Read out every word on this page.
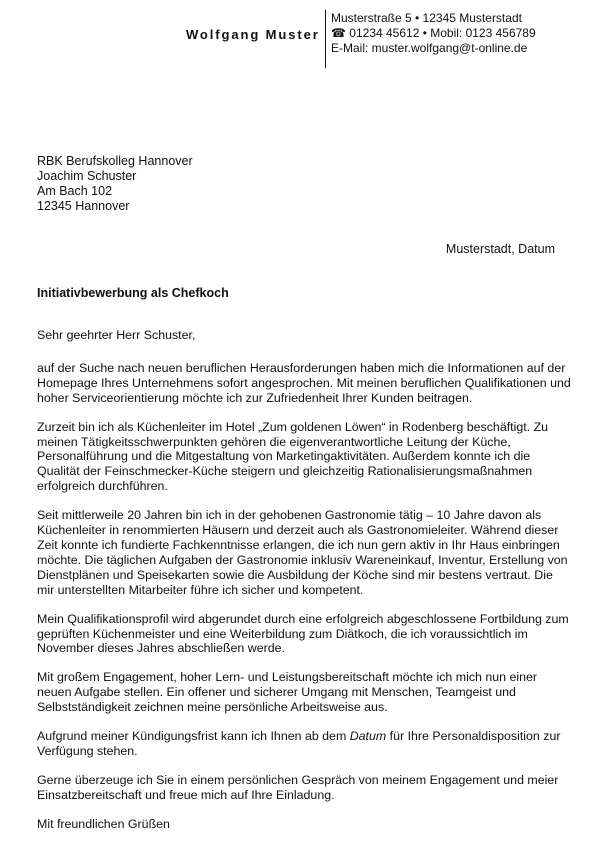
Wolfgang Muster
Musterstraße 5 • 12345 Musterstadt
☎ 01234 45612 • Mobil: 0123 456789
E-Mail: muster.wolfgang@t-online.de
RBK Berufskolleg Hannover
Joachim Schuster
Am Bach 102
12345 Hannover
Musterstadt, Datum
Initiativbewerbung als Chefkoch

Sehr geehrter Herr Schuster,

auf der Suche nach neuen beruflichen Herausforderungen haben mich die Informationen auf der Homepage Ihres Unternehmens sofort angesprochen. Mit meinen beruflichen Qualifikationen und hoher Serviceorientierung möchte ich zur Zufriedenheit Ihrer Kunden beitragen.

Zurzeit bin ich als Küchenleiter im Hotel „Zum goldenen Löwen“ in Rodenberg beschäftigt. Zu meinen Tätigkeitsschwerpunkten gehören die eigenverantwortliche Leitung der Küche, Personalführung und die Mitgestaltung von Marketingaktivitäten. Außerdem konnte ich die Qualität der Feinschmecker-Küche steigern und gleichzeitig Rationalisierungsmaßnahmen erfolgreich durchführen.

Seit mittlerweile 20 Jahren bin ich in der gehobenen Gastronomie tätig – 10 Jahre davon als Küchenleiter in renommierten Häusern und derzeit auch als Gastronomieleiter. Während dieser Zeit konnte ich fundierte Fachkenntnisse erlangen, die ich nun gern aktiv in Ihr Haus einbringen möchte. Die täglichen Aufgaben der Gastronomie inklusiv Wareneinkauf, Inventur, Erstellung von Dienstplänen und Speisekarten sowie die Ausbildung der Köche sind mir bestens vertraut. Die mir unterstellten Mitarbeiter führe ich sicher und kompetent.

Mein Qualifikationsprofil wird abgerundet durch eine erfolgreich abgeschlossene Fortbildung zum geprüften Küchenmeister und eine Weiterbildung zum Diätkoch, die ich voraussichtlich im November dieses Jahres abschließen werde.

Mit großem Engagement, hoher Lern- und Leistungsbereitschaft möchte ich mich nun einer neuen Aufgabe stellen. Ein offener und sicherer Umgang mit Menschen, Teamgeist und Selbstständigkeit zeichnen meine persönliche Arbeitsweise aus.

Aufgrund meiner Kündigungsfrist kann ich Ihnen ab dem Datum für Ihre Personaldisposition zur Verfügung stehen.

Gerne überzeuge ich Sie in einem persönlichen Gespräch von meinem Engagement und meier Einsatzbereitschaft und freue mich auf Ihre Einladung.

Mit freundlichen Grüßen
